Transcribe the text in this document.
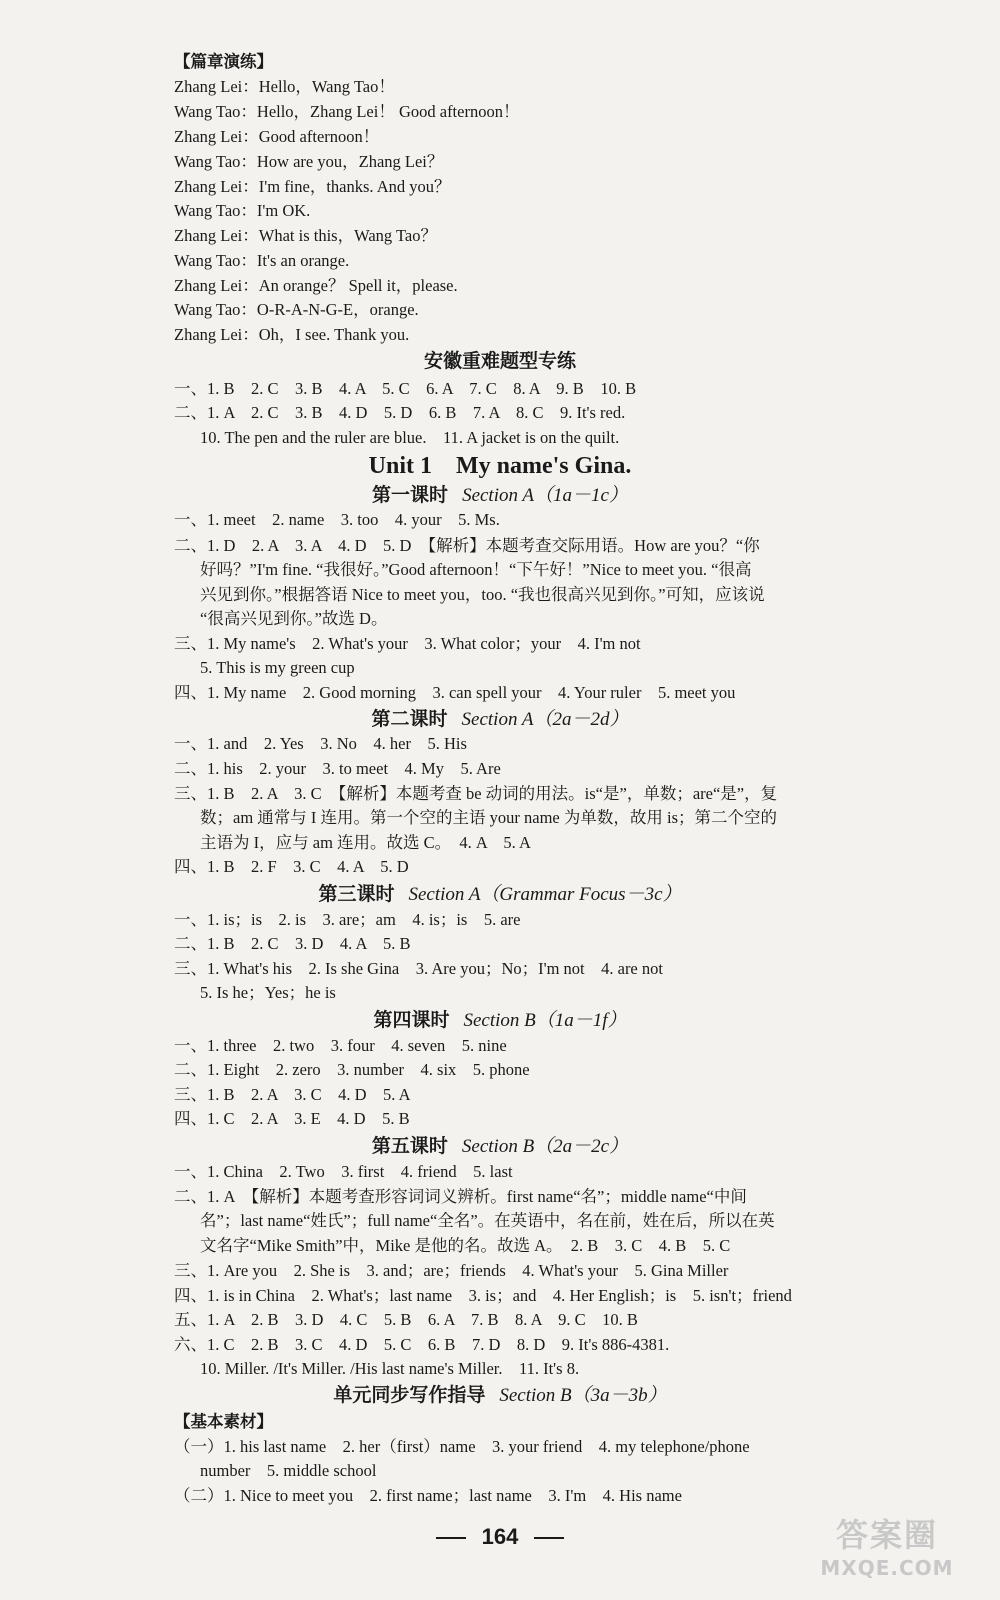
【篇章演练】
Zhang Lei：Hello，Wang Tao！
Wang Tao：Hello，Zhang Lei！ Good afternoon！
Zhang Lei：Good afternoon！
Wang Tao：How are you，Zhang Lei？
Zhang Lei：I'm fine，thanks. And you？
Wang Tao：I'm OK.
Zhang Lei：What is this，Wang Tao？
Wang Tao：It's an orange.
Zhang Lei：An orange？ Spell it，please.
Wang Tao：O-R-A-N-G-E，orange.
Zhang Lei：Oh，I see. Thank you.
安徽重难题型专练
一、1. B　2. C　3. B　4. A　5. C　6. A　7. C　8. A　9. B　10. B
二、1. A　2. C　3. B　4. D　5. D　6. B　7. A　8. C　9. It's red.
10. The pen and the ruler are blue.　11. A jacket is on the quilt.
Unit 1　My name's Gina.
第一课时 Section A（1a－1c）
一、1. meet　2. name　3. too　4. your　5. Ms.
二、1. D　2. A　3. A　4. D　5. D　【解析】本题考查交际用语。How are you？“你
好吗？”I'm fine. “我很好。”Good afternoon！“下午好！”Nice to meet you. “很高
兴见到你。”根据答语 Nice to meet you，too. “我也很高兴见到你。”可知，应该说
“很高兴见到你。”故选 D。
三、1. My name's　2. What's your　3. What color；your　4. I'm not
5. This is my green cup
四、1. My name　2. Good morning　3. can spell your　4. Your ruler　5. meet you
第二课时 Section A（2a－2d）
一、1. and　2. Yes　3. No　4. her　5. His
二、1. his　2. your　3. to meet　4. My　5. Are
三、1. B　2. A　3. C　【解析】本题考查 be 动词的用法。is“是”，单数；are“是”，复
数；am 通常与 I 连用。第一个空的主语 your name 为单数，故用 is；第二个空的
主语为 I，应与 am 连用。故选 C。　4. A　5. A
四、1. B　2. F　3. C　4. A　5. D
第三课时 Section A（Grammar Focus－3c）
一、1. is；is　2. is　3. are；am　4. is；is　5. are
二、1. B　2. C　3. D　4. A　5. B
三、1. What's his　2. Is she Gina　3. Are you；No；I'm not　4. are not
5. Is he；Yes；he is
第四课时 Section B（1a－1f）
一、1. three　2. two　3. four　4. seven　5. nine
二、1. Eight　2. zero　3. number　4. six　5. phone
三、1. B　2. A　3. C　4. D　5. A
四、1. C　2. A　3. E　4. D　5. B
第五课时 Section B（2a－2c）
一、1. China　2. Two　3. first　4. friend　5. last
二、1. A　【解析】本题考查形容词词义辨析。first name“名”；middle name“中间
名”；last name“姓氏”；full name“全名”。在英语中，名在前，姓在后，所以在英
文名字“Mike Smith”中，Mike 是他的名。故选 A。　2. B　3. C　4. B　5. C
三、1. Are you　2. She is　3. and；are；friends　4. What's your　5. Gina Miller
四、1. is in China　2. What's；last name　3. is；and　4. Her English；is　5. isn't；friend
五、1. A　2. B　3. D　4. C　5. B　6. A　7. B　8. A　9. C　10. B
六、1. C　2. B　3. C　4. D　5. C　6. B　7. D　8. D　9. It's 886-4381.
10. Miller. /It's Miller. /His last name's Miller.　11. It's 8.
单元同步写作指导 Section B（3a－3b）
【基本素材】
（一）1. his last name　2. her（first）name　3. your friend　4. my telephone/phone
number　5. middle school
（二）1. Nice to meet you　2. first name；last name　3. I'm　4. His name
164	答案圈
MXQE.COM
